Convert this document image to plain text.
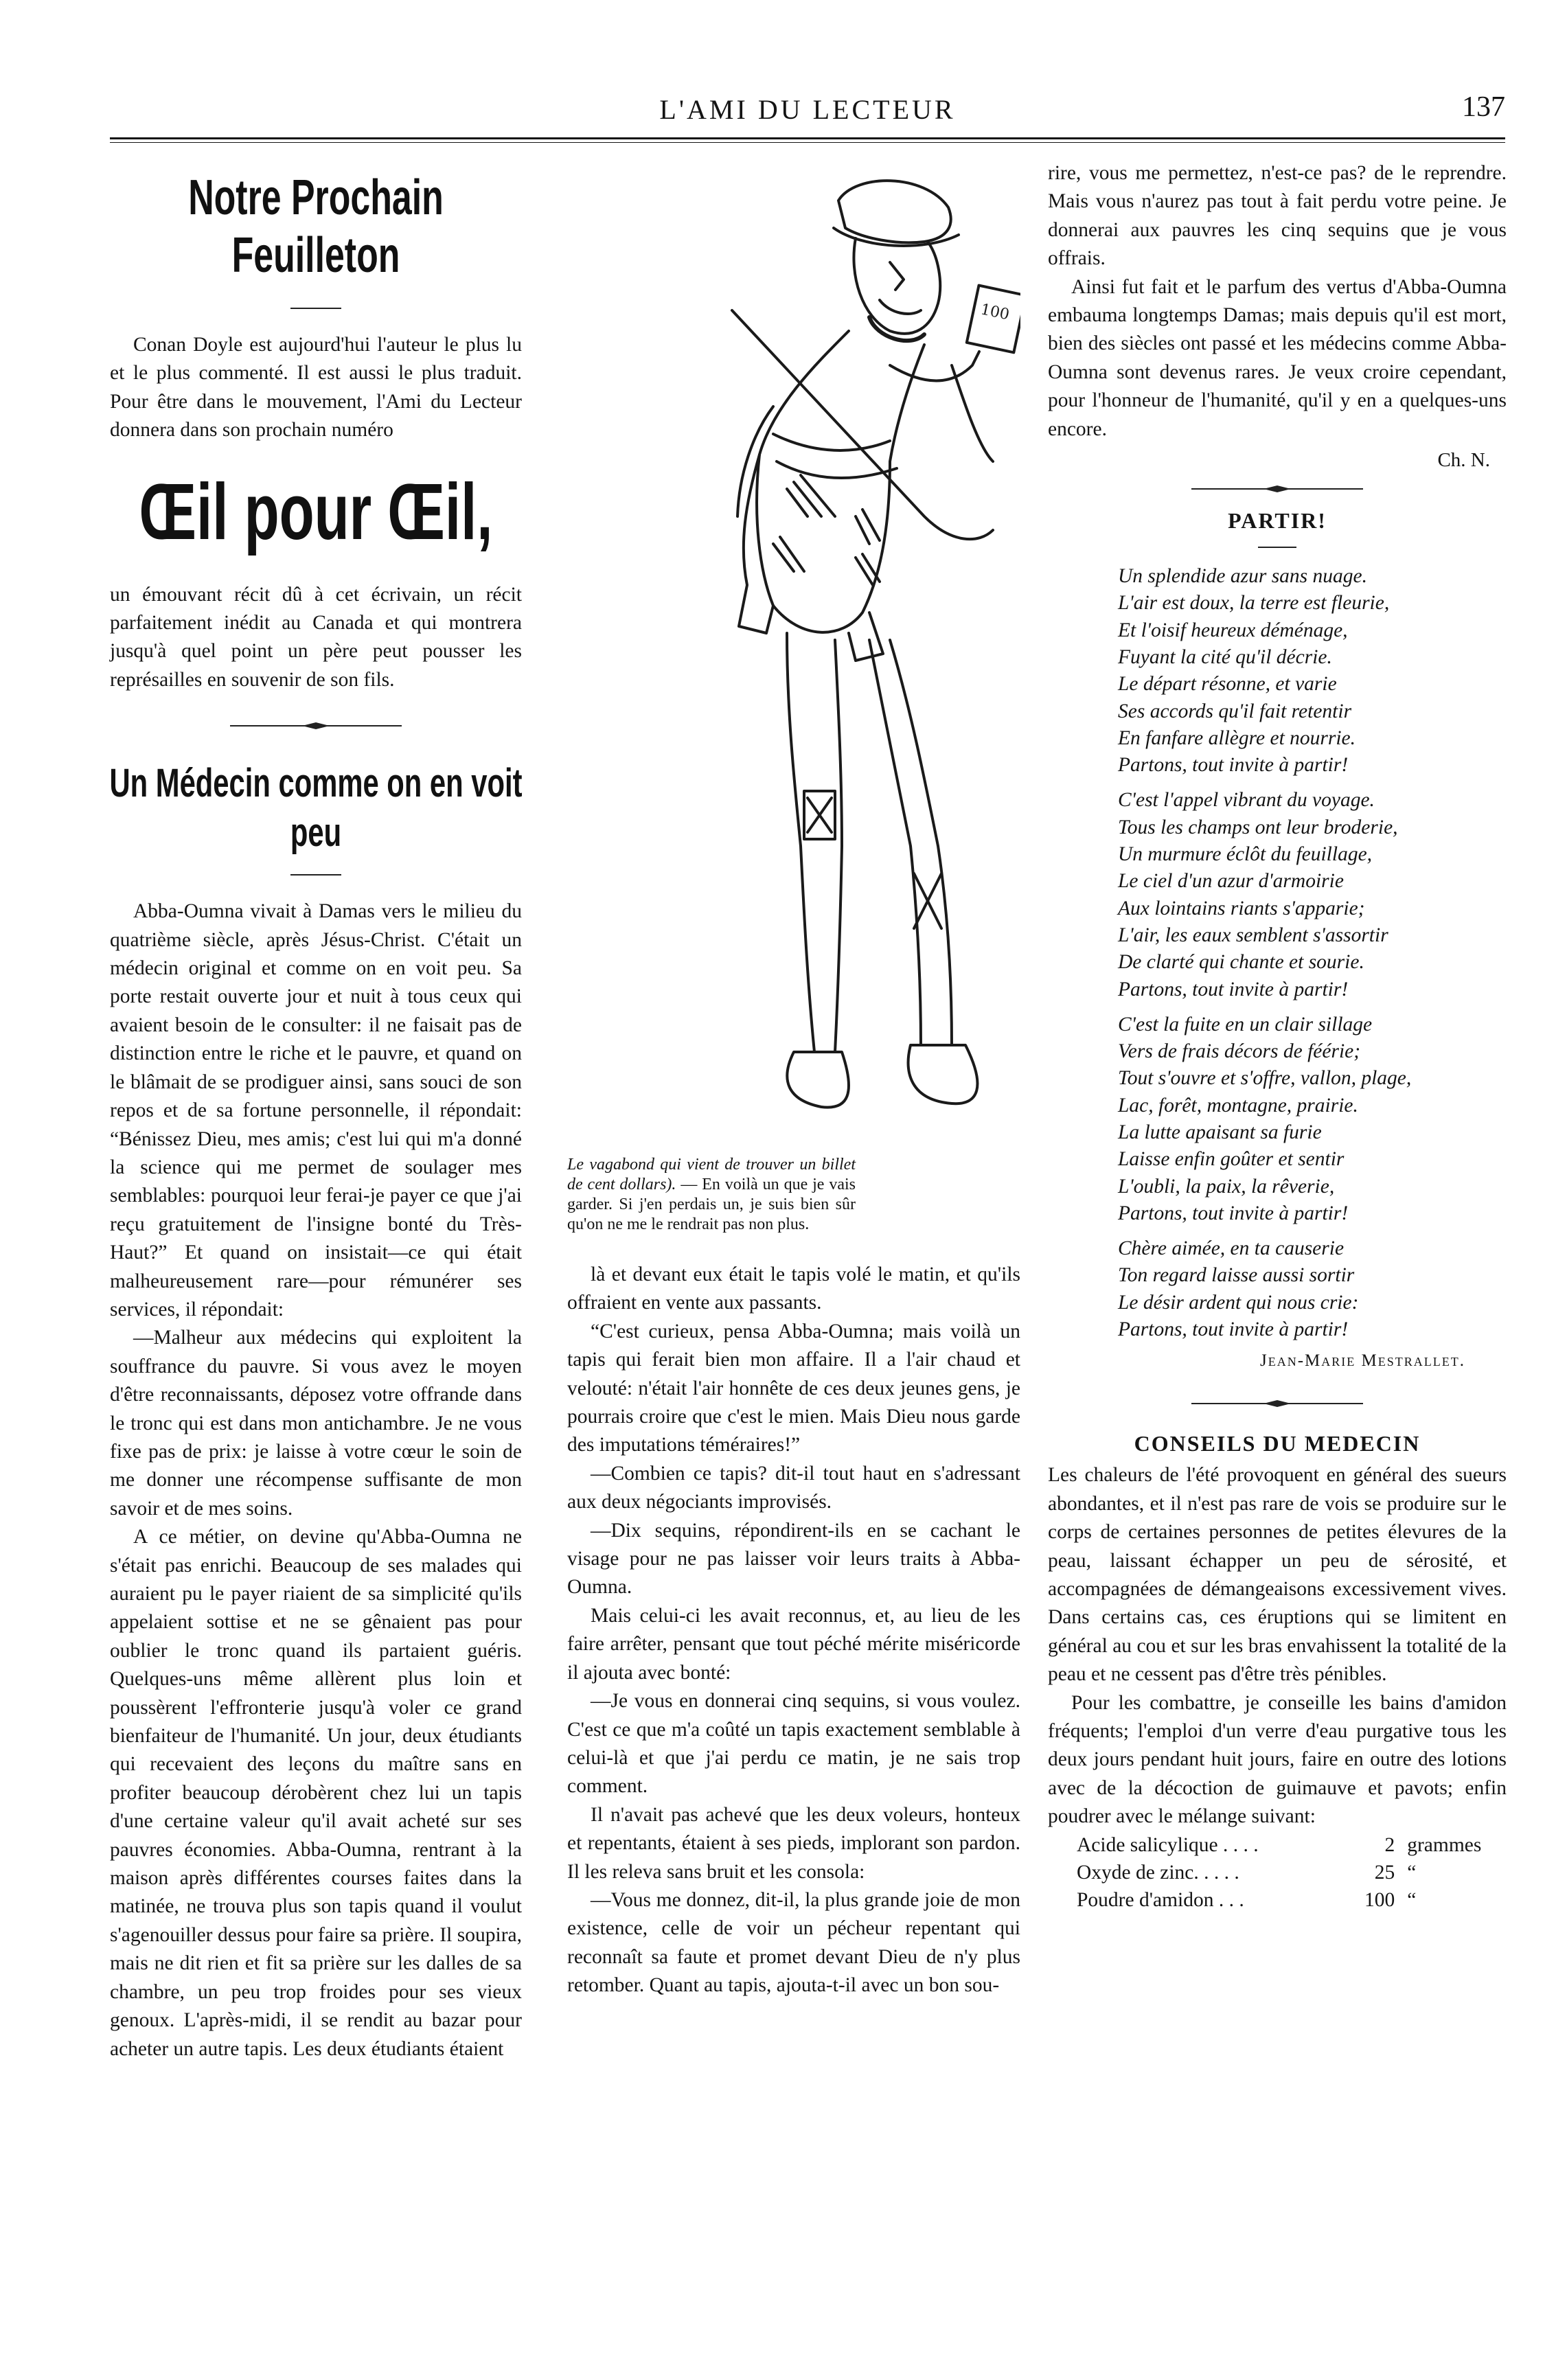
L'AMI DU LECTEUR	137
Notre Prochain Feuilleton

Conan Doyle est aujourd'hui l'auteur le plus lu et le plus commenté. Il est aussi le plus traduit. Pour être dans le mouvement, l'Ami du Lecteur donnera dans son prochain numéro

Œil pour Œil,

un émouvant récit dû à cet écrivain, un récit parfaitement inédit au Canada et qui montrera jusqu'à quel point un père peut pousser les représailles en souvenir de son fils.

Un Médecin comme on en voit peu

Abba-Oumna vivait à Damas vers le milieu du quatrième siècle, après Jésus-Christ. C'était un médecin original et comme on en voit peu. Sa porte restait ouverte jour et nuit à tous ceux qui avaient besoin de le consulter: il ne faisait pas de distinction entre le riche et le pauvre, et quand on le blâmait de se prodiguer ainsi, sans souci de son repos et de sa fortune personnelle, il répondait: “Bénissez Dieu, mes amis; c'est lui qui m'a donné la science qui me permet de soulager mes semblables: pourquoi leur ferai-je payer ce que j'ai reçu gratuitement de l'insigne bonté du Très-Haut?” Et quand on insistait—ce qui était malheureusement rare—pour rémunérer ses services, il répondait:

—Malheur aux médecins qui exploitent la souffrance du pauvre. Si vous avez le moyen d'être reconnaissants, déposez votre offrande dans le tronc qui est dans mon antichambre. Je ne vous fixe pas de prix: je laisse à votre cœur le soin de me donner une récompense suffisante de mon savoir et de mes soins.

A ce métier, on devine qu'Abba-Oumna ne s'était pas enrichi. Beaucoup de ses malades qui auraient pu le payer riaient de sa simplicité qu'ils appelaient sottise et ne se gênaient pas pour oublier le tronc quand ils partaient guéris. Quelques-uns même allèrent plus loin et poussèrent l'effronterie jusqu'à voler ce grand bienfaiteur de l'humanité. Un jour, deux étudiants qui recevaient des leçons du maître sans en profiter beaucoup dérobèrent chez lui un tapis d'une certaine valeur qu'il avait acheté sur ses pauvres économies. Abba-Oumna, rentrant à la maison après différentes courses faites dans la matinée, ne trouva plus son tapis quand il voulut s'agenouiller dessus pour faire sa prière. Il soupira, mais ne dit rien et fit sa prière sur les dalles de sa chambre, un peu trop froides pour ses vieux genoux. L'après-midi, il se rendit au bazar pour acheter un autre tapis. Les deux étudiants étaient

100

Le vagabond qui vient de trouver un billet de cent dollars). — En voilà un que je vais garder. Si j'en perdais un, je suis bien sûr qu'on ne me le rendrait pas non plus.

là et devant eux était le tapis volé le matin, et qu'ils offraient en vente aux passants.

“C'est curieux, pensa Abba-Oumna; mais voilà un tapis qui ferait bien mon affaire. Il a l'air chaud et velouté: n'était l'air honnête de ces deux jeunes gens, je pourrais croire que c'est le mien. Mais Dieu nous garde des imputations téméraires!”

—Combien ce tapis? dit-il tout haut en s'adressant aux deux négociants improvisés.

—Dix sequins, répondirent-ils en se cachant le visage pour ne pas laisser voir leurs traits à Abba-Oumna.

Mais celui-ci les avait reconnus, et, au lieu de les faire arrêter, pensant que tout péché mérite miséricorde il ajouta avec bonté:

—Je vous en donnerai cinq sequins, si vous voulez. C'est ce que m'a coûté un tapis exactement semblable à celui-là et que j'ai perdu ce matin, je ne sais trop comment.

Il n'avait pas achevé que les deux voleurs, honteux et repentants, étaient à ses pieds, implorant son pardon. Il les releva sans bruit et les consola:

—Vous me donnez, dit-il, la plus grande joie de mon existence, celle de voir un pécheur repentant qui reconnaît sa faute et promet devant Dieu de n'y plus retomber. Quant au tapis, ajouta-t-il avec un bon sou-

rire, vous me permettez, n'est-ce pas? de le reprendre. Mais vous n'aurez pas tout à fait perdu votre peine. Je donnerai aux pauvres les cinq sequins que je vous offrais.

Ainsi fut fait et le parfum des vertus d'Abba-Oumna embauma longtemps Damas; mais depuis qu'il est mort, bien des siècles ont passé et les médecins comme Abba-Oumna sont devenus rares. Je veux croire cependant, pour l'honneur de l'humanité, qu'il y en a quelques-uns encore.

Ch. N.
PARTIR!
Un splendide azur sans nuage.
L'air est doux, la terre est fleurie,
Et l'oisif heureux déménage,
Fuyant la cité qu'il décrie.
Le départ résonne, et varie
Ses accords qu'il fait retentir
En fanfare allègre et nourrie.
Partons, tout invite à partir!
C'est l'appel vibrant du voyage.
Tous les champs ont leur broderie,
Un murmure éclôt du feuillage,
Le ciel d'un azur d'armoirie
Aux lointains riants s'apparie;
L'air, les eaux semblent s'assortir
De clarté qui chante et sourie.
Partons, tout invite à partir!
C'est la fuite en un clair sillage
Vers de frais décors de féérie;
Tout s'ouvre et s'offre, vallon, plage,
Lac, forêt, montagne, prairie.
La lutte apaisant sa furie
Laisse enfin goûter et sentir
L'oubli, la paix, la rêverie,
Partons, tout invite à partir!
Chère aimée, en ta causerie
Ton regard laisse aussi sortir
Le désir ardent qui nous crie:
Partons, tout invite à partir!
Jean-Marie Mestrallet.
CONSEILS DU MEDECIN

Les chaleurs de l'été provoquent en général des sueurs abondantes, et il n'est pas rare de vois se produire sur le corps de certaines personnes de petites élevures de la peau, laissant échapper un peu de sérosité, et accompagnées de démangeaisons excessivement vives. Dans certains cas, ces éruptions qui se limitent en général au cou et sur les bras envahissent la totalité de la peau et ne cessent pas d'être très pénibles.

Pour les combattre, je conseille les bains d'amidon fréquents; l'emploi d'un verre d'eau purgative tous les deux jours pendant huit jours, faire en outre des lotions avec de la décoction de guimauve et pavots; enfin poudrer avec le mélange suivant:

Acide salicylique . . . .	2 grammes
Oxyde de zinc. . . . .	25 “
Poudre d'amidon . . .	100 “
